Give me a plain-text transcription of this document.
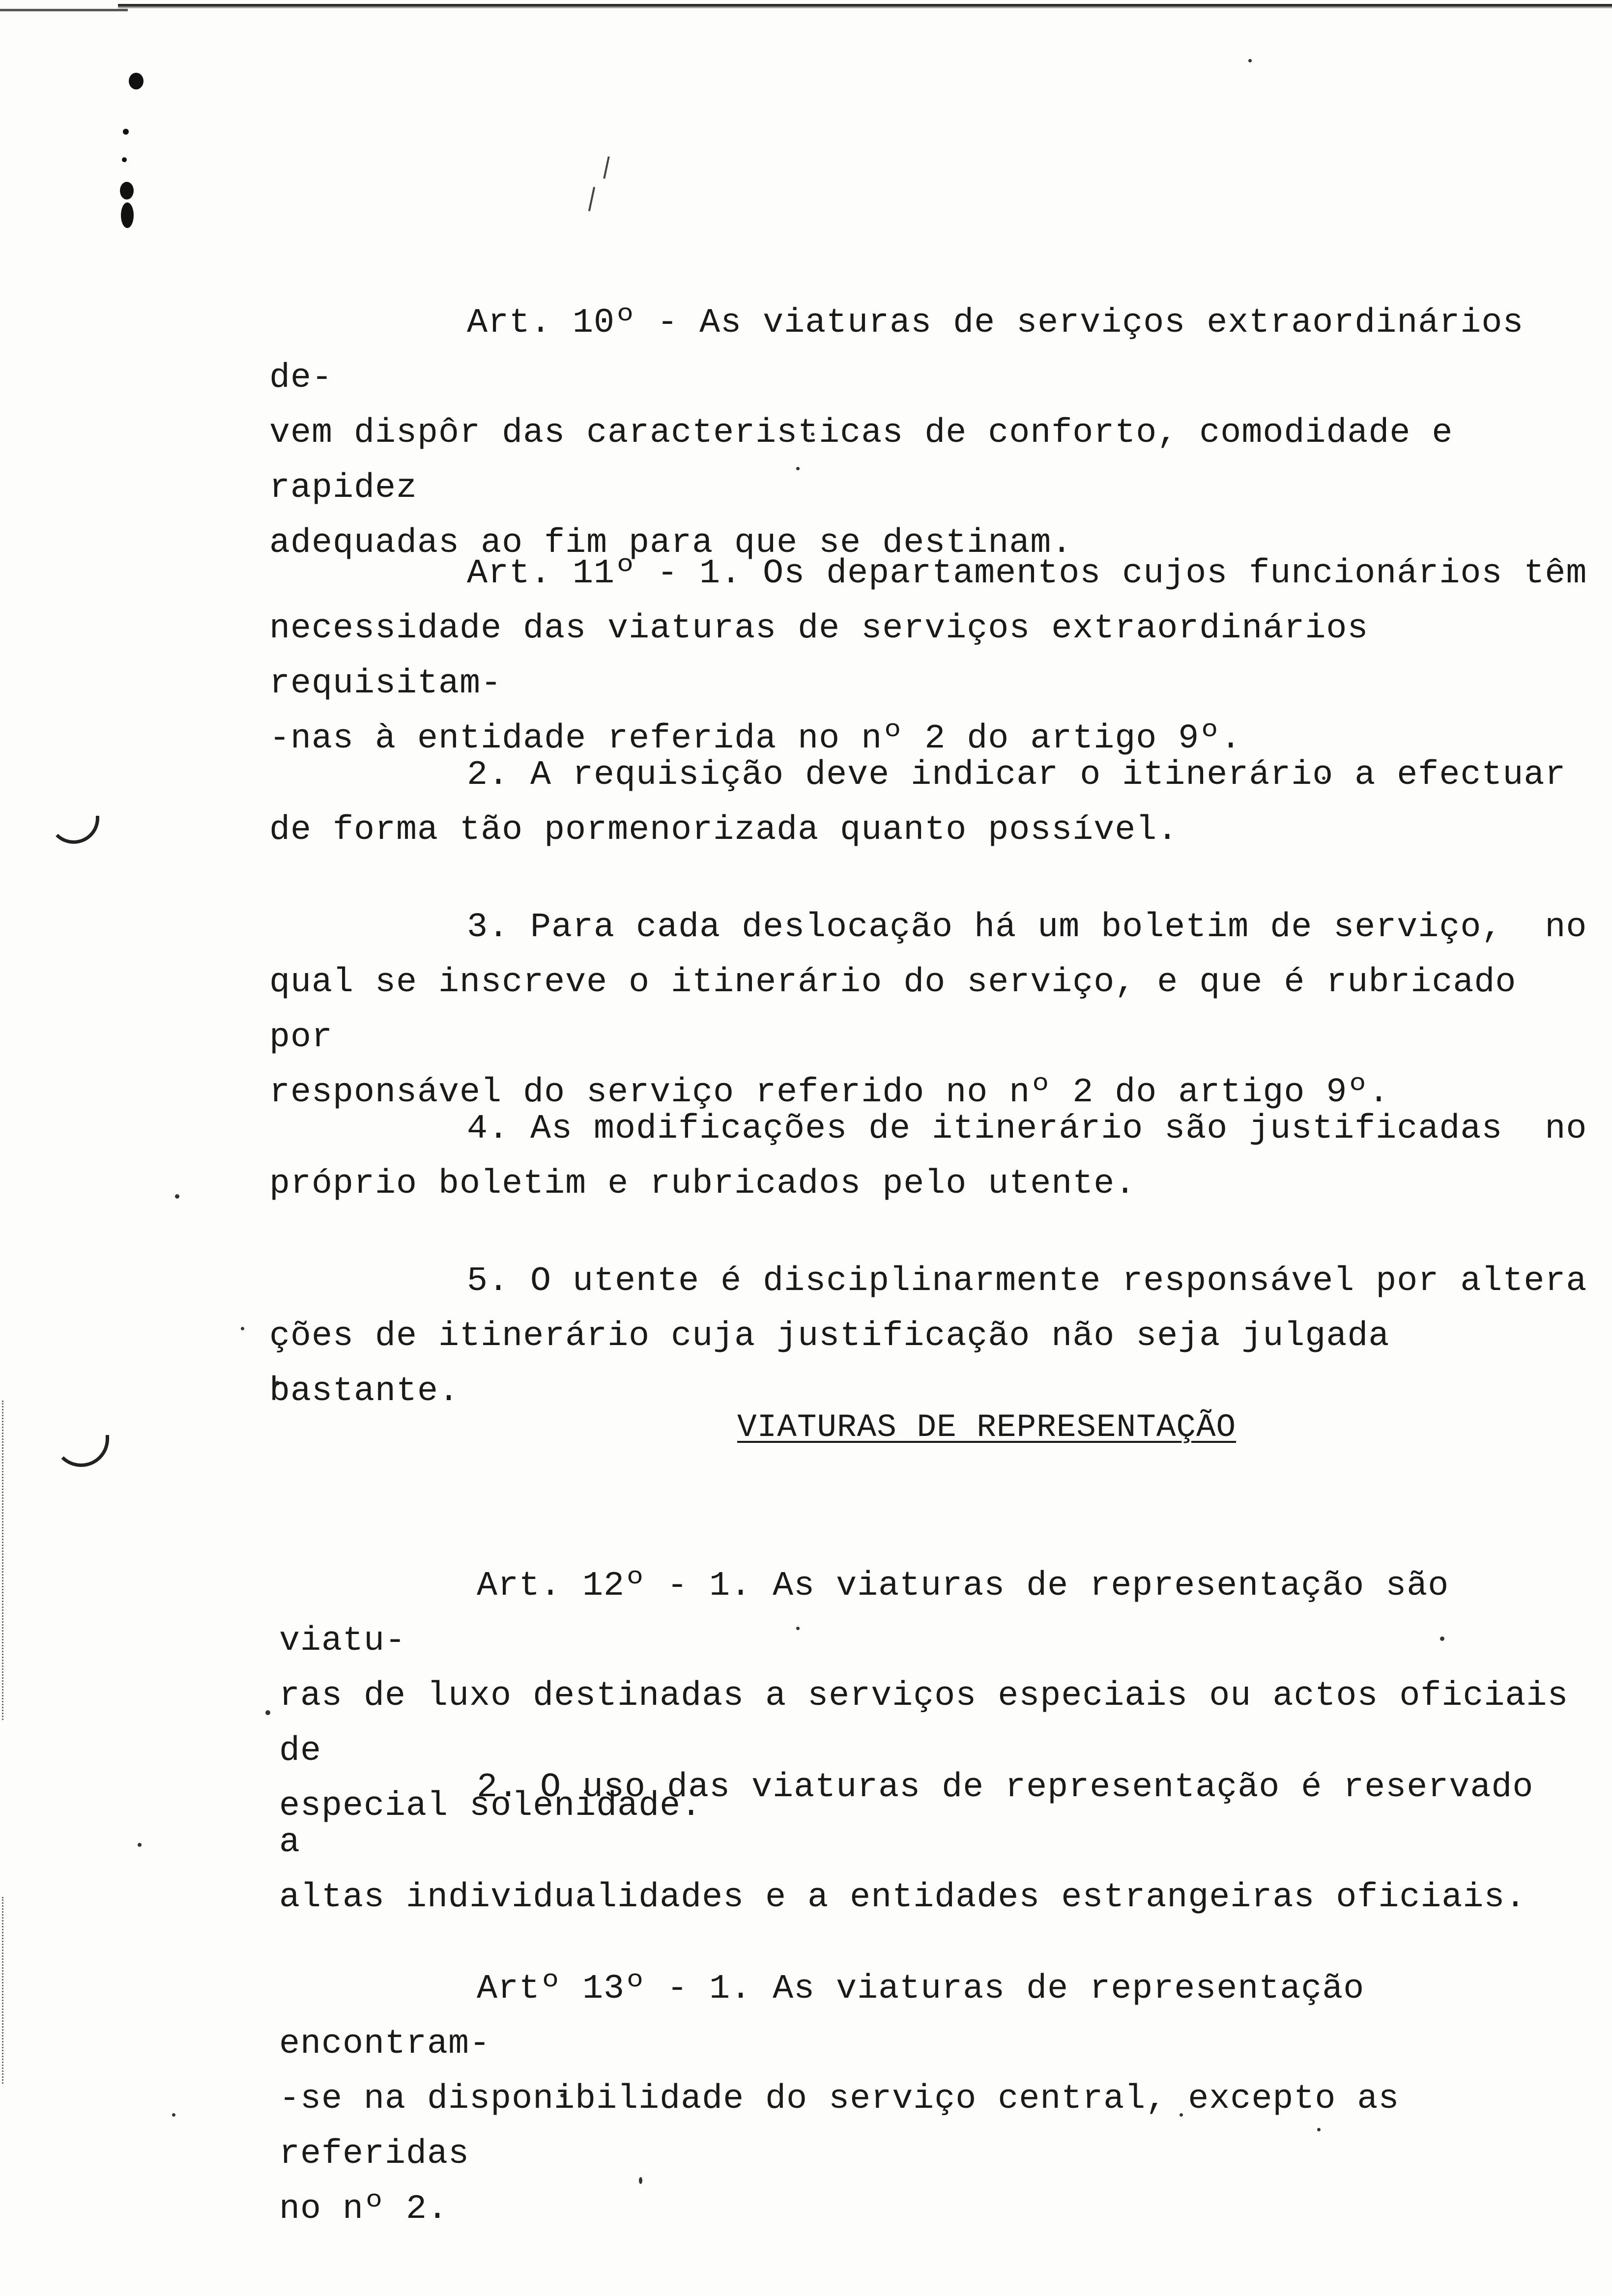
Art. 10º - As viaturas de serviços extraordinários de-
vem dispôr das caracteristicas de conforto, comodidade e rapidez
adequadas ao fim para que se destinam.

Art. 11º - 1. Os departamentos cujos funcionários têm
necessidade das viaturas de serviços extraordinários requisitam-
-nas à entidade referida no nº 2 do artigo 9º.

2. A requisição deve indicar o itinerário a efectuar
de forma tão pormenorizada quanto possível.

3. Para cada deslocação há um boletim de serviço,  no
qual se inscreve o itinerário do serviço, e que é rubricado  por
responsável do serviço referido no nº 2 do artigo 9º.

4. As modificações de itinerário são justificadas  no
próprio boletim e rubricados pelo utente.

5. O utente é disciplinarmente responsável por altera
ções de itinerário cuja justificação não seja julgada bastante.

VIATURAS DE REPRESENTAÇÃO

Art. 12º - 1. As viaturas de representação são viatu-
ras de luxo destinadas a serviços especiais ou actos oficiais de
especial solenidade.

2. O uso das viaturas de representação é reservado  a
altas individualidades e a entidades estrangeiras oficiais.

Artº 13º - 1. As viaturas de representação encontram-
-se na disponibilidade do serviço central, excepto as referidas
no nº 2.
